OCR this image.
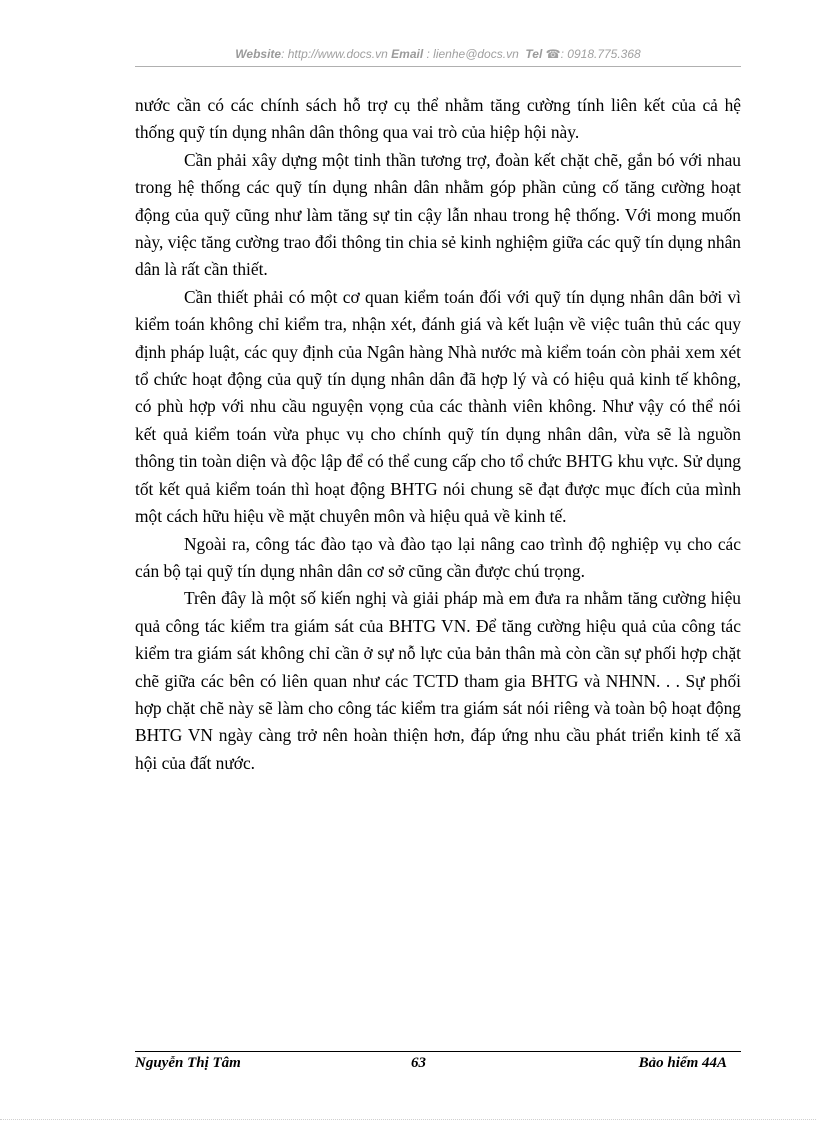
Website: http://www.docs.vn Email : lienhe@docs.vn Tel ☎: 0918.775.368

nước cần có các chính sách hỗ trợ cụ thể nhằm tăng cường tính liên kết của cả hệ thống quỹ tín dụng nhân dân thông qua vai trò của hiệp hội này.

Cần phải xây dựng một tinh thần tương trợ, đoàn kết chặt chẽ, gắn bó với nhau trong hệ thống các quỹ tín dụng nhân dân nhằm góp phần củng cố tăng cường hoạt động của quỹ cũng như làm tăng sự tin cậy lẫn nhau trong hệ thống. Với mong muốn này, việc tăng cường trao đổi thông tin chia sẻ kinh nghiệm giữa các quỹ tín dụng nhân dân là rất cần thiết.

Cần thiết phải có một cơ quan kiểm toán đối với quỹ tín dụng nhân dân bởi vì kiểm toán không chỉ kiểm tra, nhận xét, đánh giá và kết luận về việc tuân thủ các quy định pháp luật, các quy định của Ngân hàng Nhà nước mà kiểm toán còn phải xem xét tổ chức hoạt động của quỹ tín dụng nhân dân đã hợp lý và có hiệu quả kinh tế không, có phù hợp với nhu cầu nguyện vọng của các thành viên không. Như vậy có thể nói kết quả kiểm toán vừa phục vụ cho chính quỹ tín dụng nhân dân, vừa sẽ là nguồn thông tin toàn diện và độc lập để có thể cung cấp cho tổ chức BHTG khu vực. Sử dụng tốt kết quả kiểm toán thì hoạt động BHTG nói chung sẽ đạt được mục đích của mình một cách hữu hiệu về mặt chuyên môn và hiệu quả về kinh tế.

Ngoài ra, công tác đào tạo và đào tạo lại nâng cao trình độ nghiệp vụ cho các cán bộ tại quỹ tín dụng nhân dân cơ sở cũng cần được chú trọng.

Trên đây là một số kiến nghị và giải pháp mà em đưa ra nhằm tăng cường hiệu quả công tác kiểm tra giám sát của BHTG VN. Để tăng cường hiệu quả của công tác kiểm tra giám sát không chỉ cần ở sự nỗ lực của bản thân mà còn cần sự phối hợp chặt chẽ giữa các bên có liên quan như các TCTD tham gia BHTG và NHNN. . . Sự phối hợp chặt chẽ này sẽ làm cho công tác kiểm tra giám sát nói riêng và toàn bộ hoạt động BHTG VN ngày càng trở nên hoàn thiện hơn, đáp ứng nhu cầu phát triển kinh tế xã hội của đất nước.

Nguyễn Thị Tâm	63	Bảo hiểm 44A
